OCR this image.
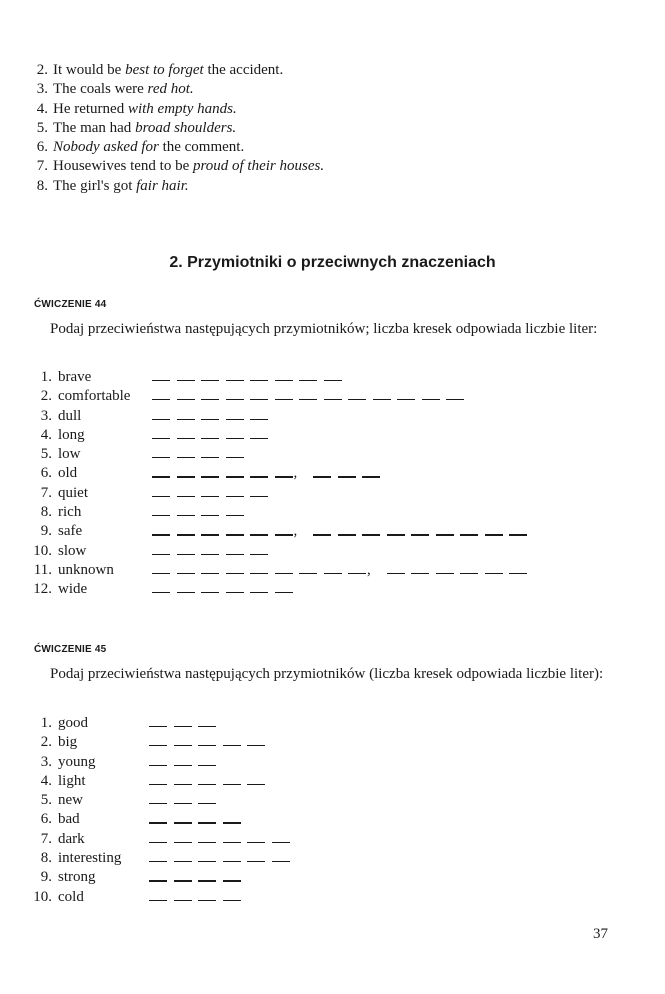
2. It would be best to forget the accident.
3. The coals were red hot.
4. He returned with empty hands.
5. The man had broad shoulders.
6. Nobody asked for the comment.
7. Housewives tend to be proud of their houses.
8. The girl's got fair hair.
2. Przymiotniki o przeciwnych znaczeniach
ĆWICZENIE 44
Podaj przeciwieństwa następujących przymiotników; liczba kresek odpowiada liczbie liter:
1. brave
2. comfortable
3. dull
4. long
5. low
6. old	,
7. quiet
8. rich
9. safe	,
10. slow
11. unknown	,
12. wide
ĆWICZENIE 45
Podaj przeciwieństwa następujących przymiotników (liczba kresek odpowiada liczbie liter):
1. good
2. big
3. young
4. light
5. new
6. bad
7. dark
8. interesting
9. strong
10. cold
37
